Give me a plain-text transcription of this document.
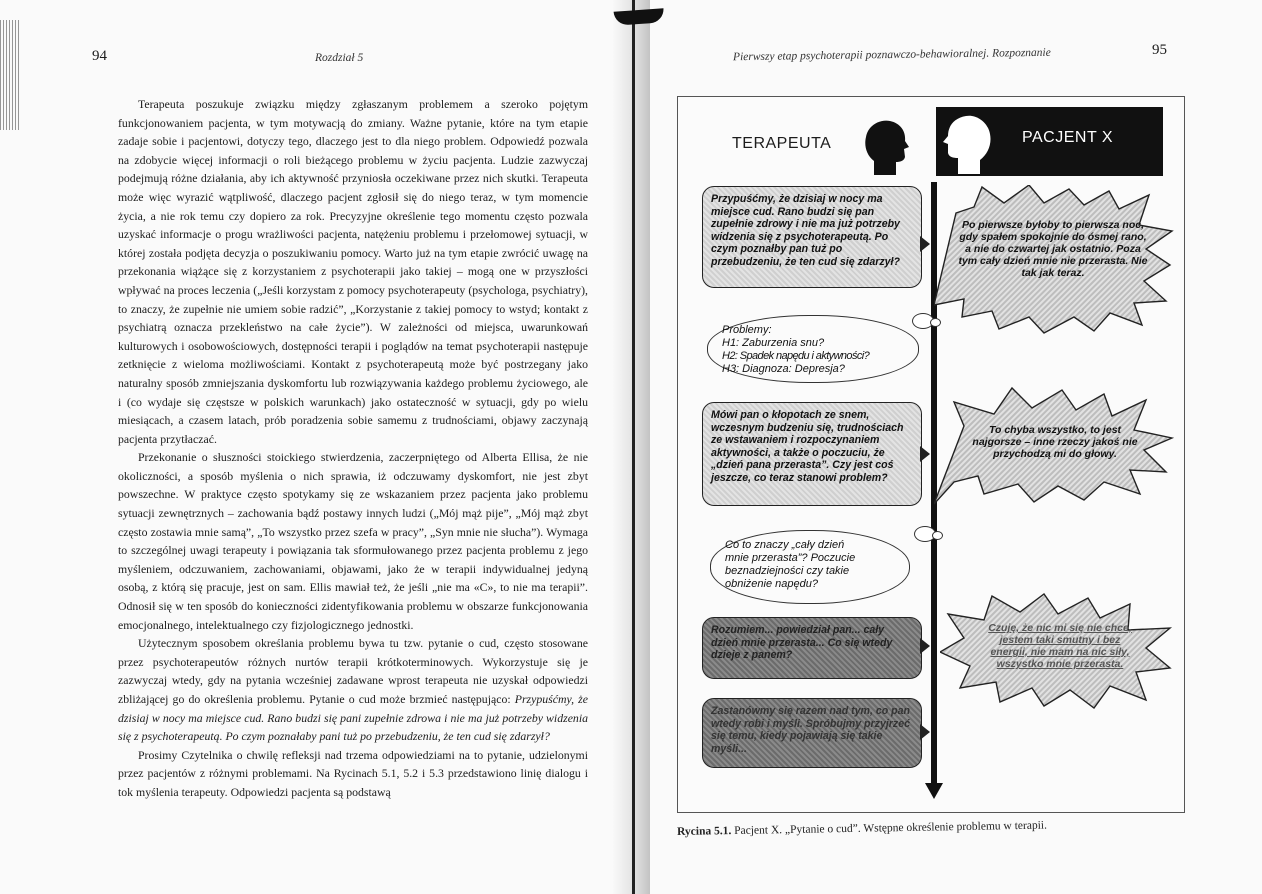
94	Rozdział 5

Terapeuta poszukuje związku między zgłaszanym problemem a szeroko pojętym funkcjonowaniem pacjenta, w tym motywacją do zmiany. Ważne pytanie, które na tym etapie zadaje sobie i pacjentowi, dotyczy tego, dlaczego jest to dla niego problem. Odpowiedź pozwala na zdobycie więcej informacji o roli bieżącego problemu w życiu pacjenta. Ludzie zazwyczaj podejmują różne działania, aby ich aktywność przyniosła oczekiwane przez nich skutki. Terapeuta może więc wyrazić wątpliwość, dlaczego pacjent zgłosił się do niego teraz, w tym momencie życia, a nie rok temu czy dopiero za rok. Precyzyjne określenie tego momentu często pozwala uzyskać informacje o progu wrażliwości pacjenta, natężeniu problemu i przełomowej sytuacji, w której została podjęta decyzja o poszukiwaniu pomocy. Warto już na tym etapie zwrócić uwagę na przekonania wiążące się z korzystaniem z psychoterapii jako takiej – mogą one w przyszłości wpływać na proces leczenia („Jeśli korzystam z pomocy psychoterapeuty (psychologa, psychiatry), to znaczy, że zupełnie nie umiem sobie radzić”, „Korzystanie z takiej pomocy to wstyd; kontakt z psychiatrą oznacza przekleństwo na całe życie”). W zależności od miejsca, uwarunkowań kulturowych i osobowościowych, dostępności terapii i poglądów na temat psychoterapii następuje zetknięcie z wieloma możliwościami. Kontakt z psychoterapeutą może być postrzegany jako naturalny sposób zmniejszania dyskomfortu lub rozwiązywania każdego problemu życiowego, ale i (co wydaje się częstsze w polskich warunkach) jako ostateczność w sytuacji, gdy po wielu miesiącach, a czasem latach, prób poradzenia sobie samemu z trudnościami, objawy zaczynają pacjenta przytłaczać.

Przekonanie o słuszności stoickiego stwierdzenia, zaczerpniętego od Alberta Ellisa, że nie okoliczności, a sposób myślenia o nich sprawia, iż odczuwamy dyskomfort, nie jest zbyt powszechne. W praktyce często spotykamy się ze wskazaniem przez pacjenta jako problemu sytuacji zewnętrznych – zachowania bądź postawy innych ludzi („Mój mąż pije”, „Mój mąż zbyt często zostawia mnie samą”, „To wszystko przez szefa w pracy”, „Syn mnie nie słucha”). Wymaga to szczególnej uwagi terapeuty i powiązania tak sformułowanego przez pacjenta problemu z jego myśleniem, odczuwaniem, zachowaniami, objawami, jako że w terapii indywidualnej jedyną osobą, z którą się pracuje, jest on sam. Ellis mawiał też, że jeśli „nie ma «C», to nie ma terapii”. Odnosił się w ten sposób do konieczności zidentyfikowania problemu w obszarze funkcjonowania emocjonalnego, intelektualnego czy fizjologicznego jednostki.

Użytecznym sposobem określania problemu bywa tu tzw. pytanie o cud, często stosowane przez psychoterapeutów różnych nurtów terapii krótkoterminowych. Wykorzystuje się je zazwyczaj wtedy, gdy na pytania wcześniej zadawane wprost terapeuta nie uzyskał odpowiedzi zbliżającej go do określenia problemu. Pytanie o cud może brzmieć następująco: Przypuśćmy, że dzisiaj w nocy ma miejsce cud. Rano budzi się pani zupełnie zdrowa i nie ma już potrzeby widzenia się z psychoterapeutą. Po czym poznałaby pani tuż po przebudzeniu, że ten cud się zdarzył?

Prosimy Czytelnika o chwilę refleksji nad trzema odpowiedziami na to pytanie, udzielonymi przez pacjentów z różnymi problemami. Na Rycinach 5.1, 5.2 i 5.3 przedstawiono linię dialogu i tok myślenia terapeuty. Odpowiedzi pacjenta są podstawą

Pierwszy etap psychoterapii poznawczo-behawioralnej. Rozpoznanie	95
TERAPEUTA	PACJENT X
Przypuśćmy, że dzisiaj w nocy ma miejsce cud. Rano budzi się pan zupełnie zdrowy i nie ma już potrzeby widzenia się z psychoterapeutą. Po czym poznałby pan tuż po przebudzeniu, że ten cud się zdarzył?
Mówi pan o kłopotach ze snem, wczesnym budzeniu się, trudnościach ze wstawaniem i rozpoczynaniem aktywności, a także o poczuciu, że „dzień pana przerasta”. Czy jest coś jeszcze, co teraz stanowi problem?
Rozumiem... powiedział pan... cały dzień mnie przerasta... Co się wtedy dzieje z panem?
Zastanówmy się razem nad tym, co pan wtedy robi i myśli. Spróbujmy przyjrzeć się temu, kiedy pojawiają się takie myśli...
Problemy:
H1: Zaburzenia snu?
H2: Spadek napędu i aktywności?
H3: Diagnoza: Depresja?
Co to znaczy „cały dzień
mnie przerasta”? Poczucie
beznadziejności czy takie
obniżenie napędu?
Po pierwsze byłoby to pierwsza noc, gdy spałem spokojnie do ósmej rano, a nie do czwartej jak ostatnio. Poza tym cały dzień mnie nie przerasta. Nie tak jak teraz.
To chyba wszystko, to jest najgorsze – inne rzeczy jakoś nie przychodzą mi do głowy.
Czuję, że nic mi się nie chce, jestem taki smutny i bez energii, nie mam na nic siły, wszystko mnie przerasta.
Rycina 5.1. Pacjent X. „Pytanie o cud”. Wstępne określenie problemu w terapii.
